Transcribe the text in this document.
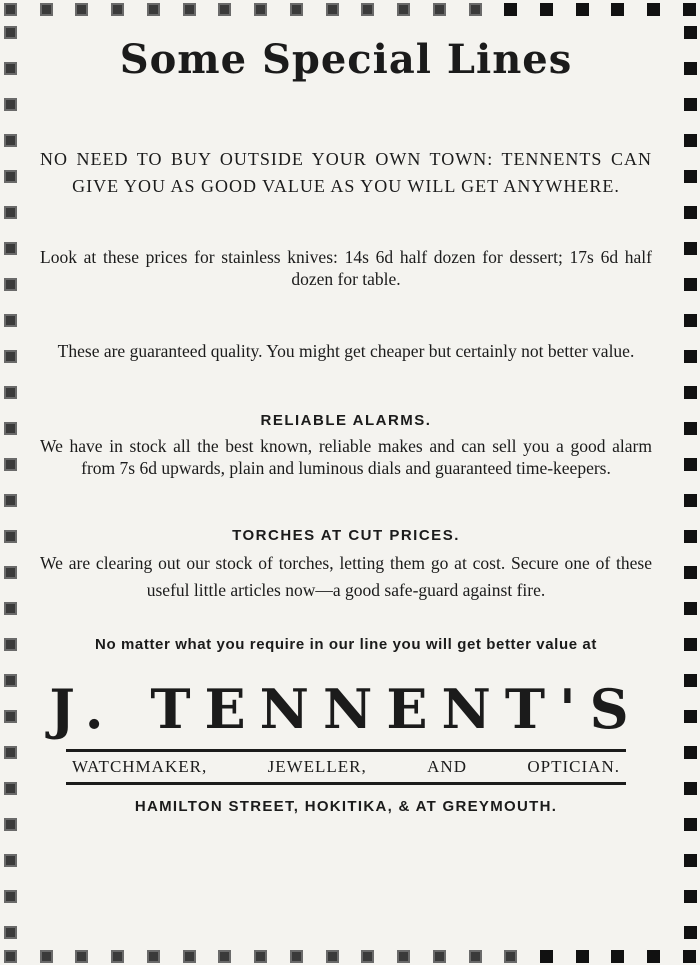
Some Special Lines

NO NEED TO BUY OUTSIDE YOUR OWN TOWN: TENNENTS CAN GIVE YOU AS GOOD VALUE AS YOU WILL GET ANYWHERE.

Look at these prices for stainless knives: 14s 6d half dozen for dessert; 17s 6d half dozen for table.

These are guaranteed quality. You might get cheaper but certainly not better value.

RELIABLE ALARMS.

We have in stock all the best known, reliable makes and can sell you a good alarm from 7s 6d upwards, plain and luminous dials and guaranteed time-keepers.

TORCHES AT CUT PRICES.

We are clearing out our stock of torches, letting them go at cost. Secure one of these useful little articles now—a good safe-guard against fire.

No matter what you require in our line you will get better value at

J. TENNENT'S
WATCHMAKER,	JEWELLER,	AND	OPTICIAN.

HAMILTON STREET, HOKITIKA, & AT GREYMOUTH.
